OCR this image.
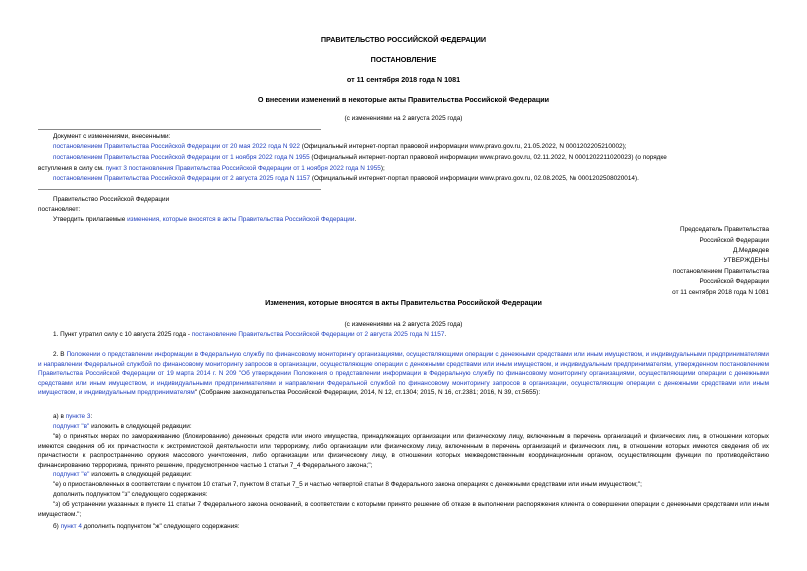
ПРАВИТЕЛЬСТВО РОССИЙСКОЙ ФЕДЕРАЦИИ
ПОСТАНОВЛЕНИЕ
от 11 сентября 2018 года N 1081
О внесении изменений в некоторые акты Правительства Российской Федерации
(с изменениями на 2 августа 2025 года)
Документ с изменениями, внесенными:
постановлением Правительства Российской Федерации от 20 мая 2022 года N 922 (Официальный интернет-портал правовой информации www.pravo.gov.ru, 21.05.2022, N 0001202205210002);
постановлением Правительства Российской Федерации от 1 ноября 2022 года N 1955 (Официальный интернет-портал правовой информации www.pravo.gov.ru, 02.11.2022, N 0001202211020023) (о порядке
вступления в силу см. пункт 3 постановления Правительства Российской Федерации от 1 ноября 2022 года N 1955);
постановлением Правительства Российской Федерации от 2 августа 2025 года N 1157 (Официальный интернет-портал правовой информации www.pravo.gov.ru, 02.08.2025, № 0001202508020014).
Правительство Российской Федерации
постановляет:
Утвердить прилагаемые изменения, которые вносятся в акты Правительства Российской Федерации.
Председатель Правительства
Российской Федерации
Д.Медведев
УТВЕРЖДЕНЫ
постановлением Правительства
Российской Федерации
от 11 сентября 2018 года N 1081
Изменения, которые вносятся в акты Правительства Российской Федерации
(с изменениями на 2 августа 2025 года)
1. Пункт утратил силу с 10 августа 2025 года - постановление Правительства Российской Федерации от 2 августа 2025 года N 1157.
2. В Положении о представлении информации в Федеральную службу по финансовому мониторингу организациями, осуществляющими операции с денежными средствами или иным имуществом, и индивидуальными предпринимателями и направлении Федеральной службой по финансовому мониторингу запросов в организации, осуществляющие операции с денежными средствами или иным имуществом, и индивидуальным предпринимателям, утвержденном постановлением Правительства Российской Федерации от 19 марта 2014 г. N 209 "Об утверждении Положения о представлении информации в Федеральную службу по финансовому мониторингу организациями, осуществляющими операции с денежными средствами или иным имуществом, и индивидуальными предпринимателями и направлении Федеральной службой по финансовому мониторингу запросов в организации, осуществляющие операции с денежными средствами или иным имуществом, и индивидуальным предпринимателям" (Собрание законодательства Российской Федерации, 2014, N 12, ст.1304; 2015, N 16, ст.2381; 2016, N 39, ст.5655):
а) в пункте 3:
подпункт "в" изложить в следующей редакции:
"в) о принятых мерах по замораживанию (блокированию) денежных средств или иного имущества, принадлежащих организации или физическому лицу, включенным в перечень организаций и физических лиц, в отношении которых имеются сведения об их причастности к экстремистской деятельности или терроризму, либо организации или физическому лицу, включенным в перечень организаций и физических лиц, в отношении которых имеются сведения об их причастности к распространению оружия массового уничтожения, либо организации или физическому лицу, в отношении которых межведомственным координационным органом, осуществляющим функции по противодействию финансированию терроризма, принято решение, предусмотренное частью 1 статьи 7_4 Федерального закона;";
подпункт "е" изложить в следующей редакции:
"е) о приостановленных в соответствии с пунктом 10 статьи 7, пунктом 8 статьи 7_5 и частью четвертой статьи 8 Федерального закона операциях с денежными средствами или иным имуществом;";
дополнить подпунктом "з" следующего содержания:
"з) об устранении указанных в пункте 11 статьи 7 Федерального закона оснований, в соответствии с которыми принято решение об отказе в выполнении распоряжения клиента о совершении операции с денежными средствами или иным имуществом.";
б) пункт 4 дополнить подпунктом "ж" следующего содержания:
